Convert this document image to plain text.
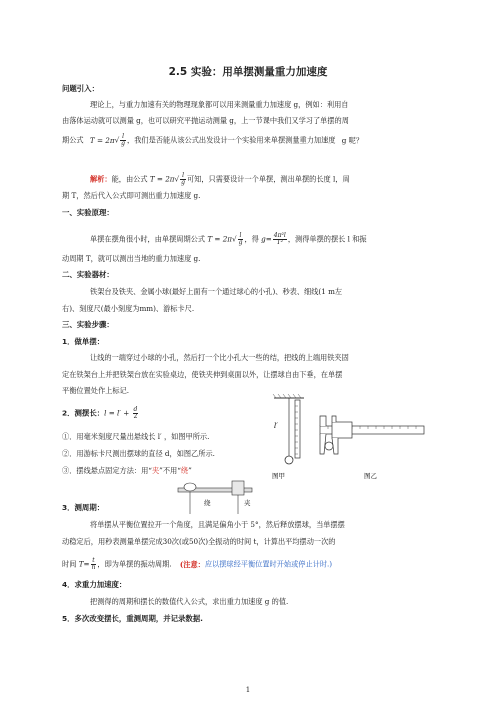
2.5 实验：用单摆测量重力加速度
问题引入：
理论上，与重力加速有关的物理现象都可以用来测量重力加速度 g，例如：利用自
由落体运动就可以测量 g，也可以研究平抛运动测量 g，上一节课中我们又学习了单摆的周
期公式 $T = 2\pi√ \frac{l}{g}$ ，我们是否能从该公式出发设计一个实验用来单摆测量重力加速度 g 呢？
解析：能，由公式 $T = 2\pi√ \frac{l}{g}$ 可知，只需要设计一个单摆，测出单摆的长度 l，周
期 T，然后代入公式即可测出重力加速度 g.
一、实验原理：
单摆在摆角很小时，由单摆周期公式 $T = 2\pi√ \frac{l}{g}$ ，得 $g= \frac{\text{4π²l}}{\text{T²}}$ ，测得单摆的摆长 l 和振
动周期 T，就可以测出当地的重力加速度 g.
二、实验器材：
铁架台及铁夹、金属小球(最好上面有一个通过球心的小孔)、秒表、细线(1 m左
右)、刻度尺(最小刻度为mm)、游标卡尺.
三、实验步骤：
1．做单摆：
让线的一端穿过小球的小孔，然后打一个比小孔大一些的结，把线的上端用铁夹固
定在铁架台上并把铁架台放在实验桌边，使铁夹伸到桌面以外，让摆球自由下垂，在单摆
平衡位置处作上标记.
2．测摆长：$l = l' + \frac{d}{2}$
①．用毫米刻度尺量出悬线长 l′ ，如图甲所示.
②．用游标卡尺测出摆球的直径 d，如图乙所示.
③．摆线悬点固定方法：用“夹”不用“绕”
l′
图甲	图乙
绕	夹
3．测周期：
将单摆从平衡位置拉开一个角度，且满足偏角小于 5°，然后释放摆球，当单摆摆
动稳定后，用秒表测量单摆完成30次(或50次)全振动的时间 t，计算出平均摆动一次的
时间 $T= \frac{t}{n}$ ，即为单摆的振动周期. (注意：应以摆球经平衡位置时开始或停止计时.)
4．求重力加速度：
把测得的周期和摆长的数值代入公式，求出重力加速度 g 的值.
5．多次改变摆长，重测周期，并记录数据.
1
